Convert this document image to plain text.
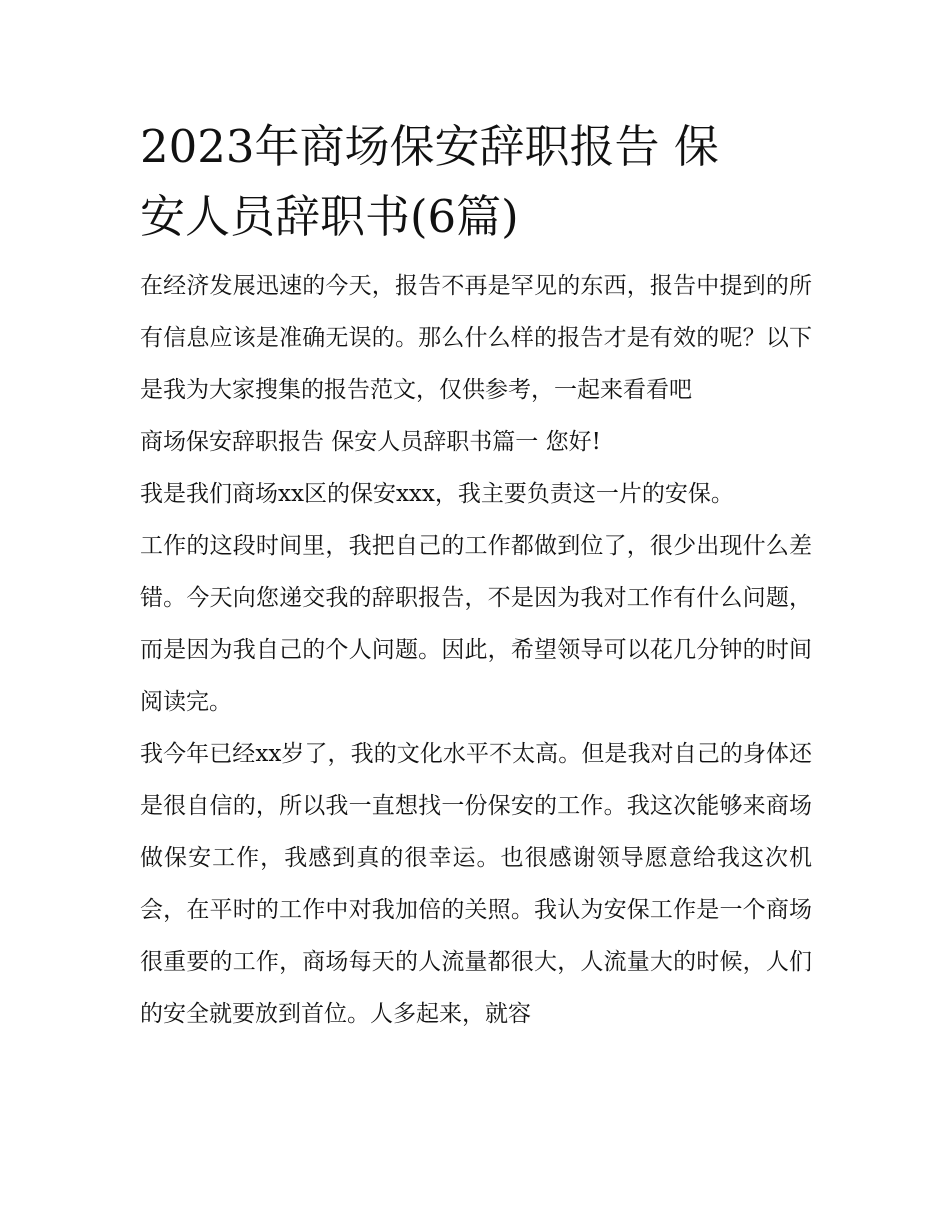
2023年商场保安辞职报告 保
安人员辞职书(6篇)

在经济发展迅速的今天，报告不再是罕见的东西，报告中提到的所有信息应该是准确无误的。那么什么样的报告才是有效的呢？以下是我为大家搜集的报告范文，仅供参考，一起来看看吧

商场保安辞职报告 保安人员辞职书篇一 您好!

我是我们商场xx区的保安xxx，我主要负责这一片的安保。

工作的这段时间里，我把自己的工作都做到位了，很少出现什么差错。今天向您递交我的辞职报告，不是因为我对工作有什么问题，而是因为我自己的个人问题。因此，希望领导可以花几分钟的时间阅读完。

我今年已经xx岁了，我的文化水平不太高。但是我对自己的身体还是很自信的，所以我一直想找一份保安的工作。我这次能够来商场做保安工作，我感到真的很幸运。也很感谢领导愿意给我这次机会，在平时的工作中对我加倍的关照。我认为安保工作是一个商场很重要的工作，商场每天的人流量都很大，人流量大的时候，人们的安全就要放到首位。人多起来，就容
